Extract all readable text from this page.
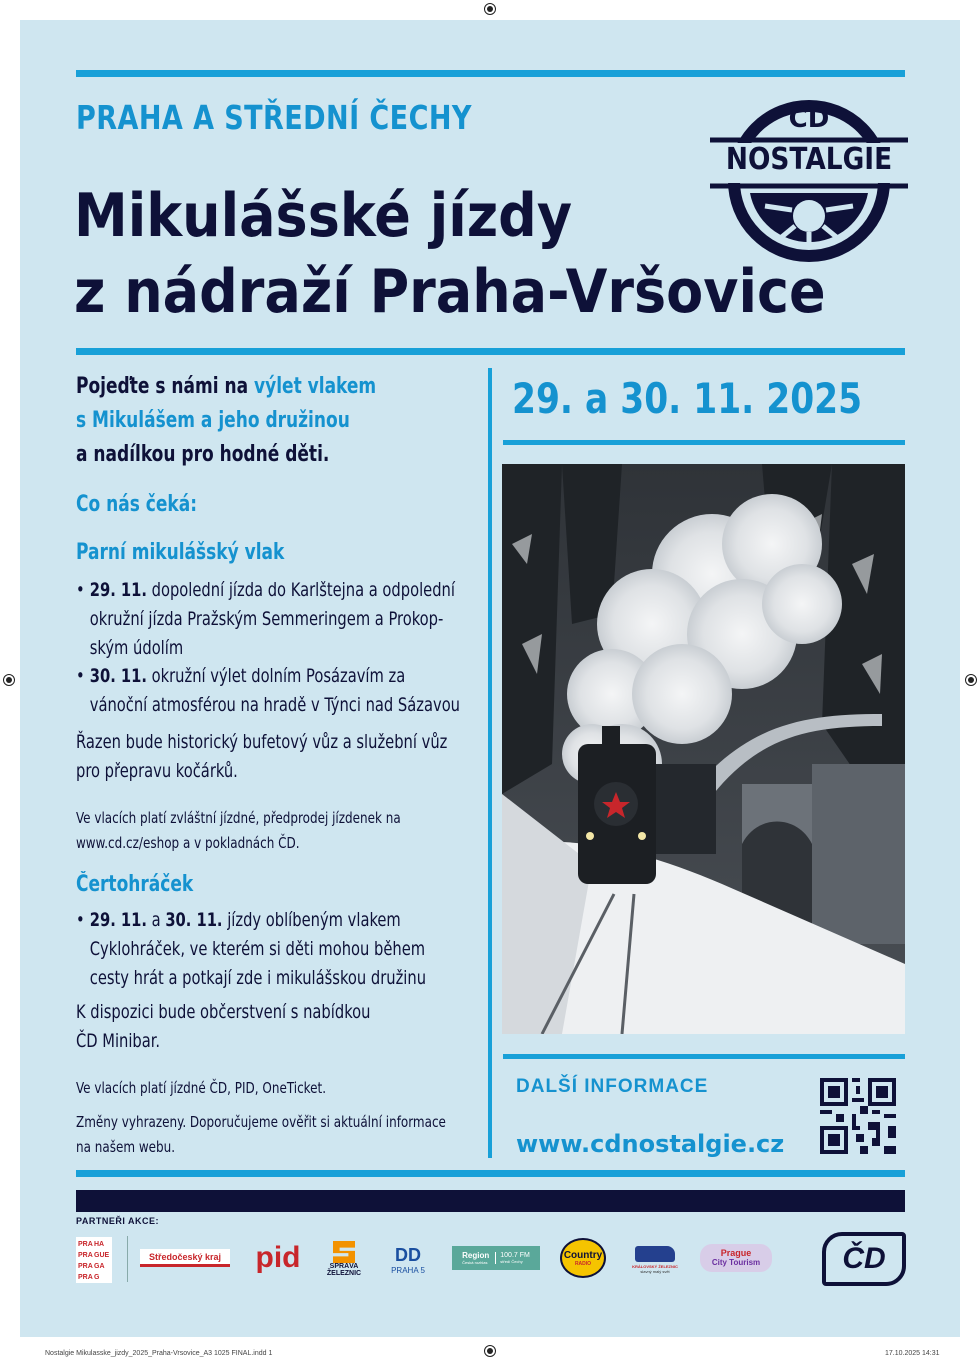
PRAHA A STŘEDNÍ ČECHY
Mikulášské jízdy
z nádraží Praha-Vršovice
ČD
NOSTALGIE
Pojeďte s námi na výlet vlakem
s Mikulášem a jeho družinou
a nadílkou pro hodné děti.
Co nás čeká:
Parní mikulášský vlak
• 29. 11. dopolední jízda do Karlštejna a odpolední
okružní jízda Pražským Semmeringem a Prokop-
ským údolím
• 30. 11. okružní výlet dolním Posázavím za
vánoční atmosférou na hradě v Týnci nad Sázavou
Řazen bude historický bufetový vůz a služební vůz
pro přepravu kočárků.
Ve vlacích platí zvláštní jízdné, předprodej jízdenek na
www.cd.cz/eshop a v pokladnách ČD.
Čertohráček
• 29. 11. a 30. 11. jízdy oblíbeným vlakem
Cyklohráček, ve kterém si děti mohou během
cesty hrát a potkají zde i mikulášskou družinu
K dispozici bude občerstvení s nabídkou
ČD Minibar.
Ve vlacích platí jízdné ČD, PID, OneTicket.
Změny vyhrazeny. Doporučujeme ověřit si aktuální informace
na našem webu.
29. a 30. 11. 2025
DALŠÍ INFORMACE
www.cdnostalgie.cz
PARTNEŘI AKCE:
PRA HA
PRA GUE
PRA GA
PRA G
Středočeský kraj pid	SPRÁVA
ŽELEZNIC
DD
PRAHA 5
Region
Česká rozhlas
100.7 FM
středí Čechy
Country
RADIO	KRÁLOVSKÝ ŽELEZNIC
slavný malý svět
Prague
City Tourism	ČD
Nostalgie Mikulasske_jizdy_2025_Praha-Vrsovice_A3 1025 FINAL.indd 1	17.10.2025 14:31
